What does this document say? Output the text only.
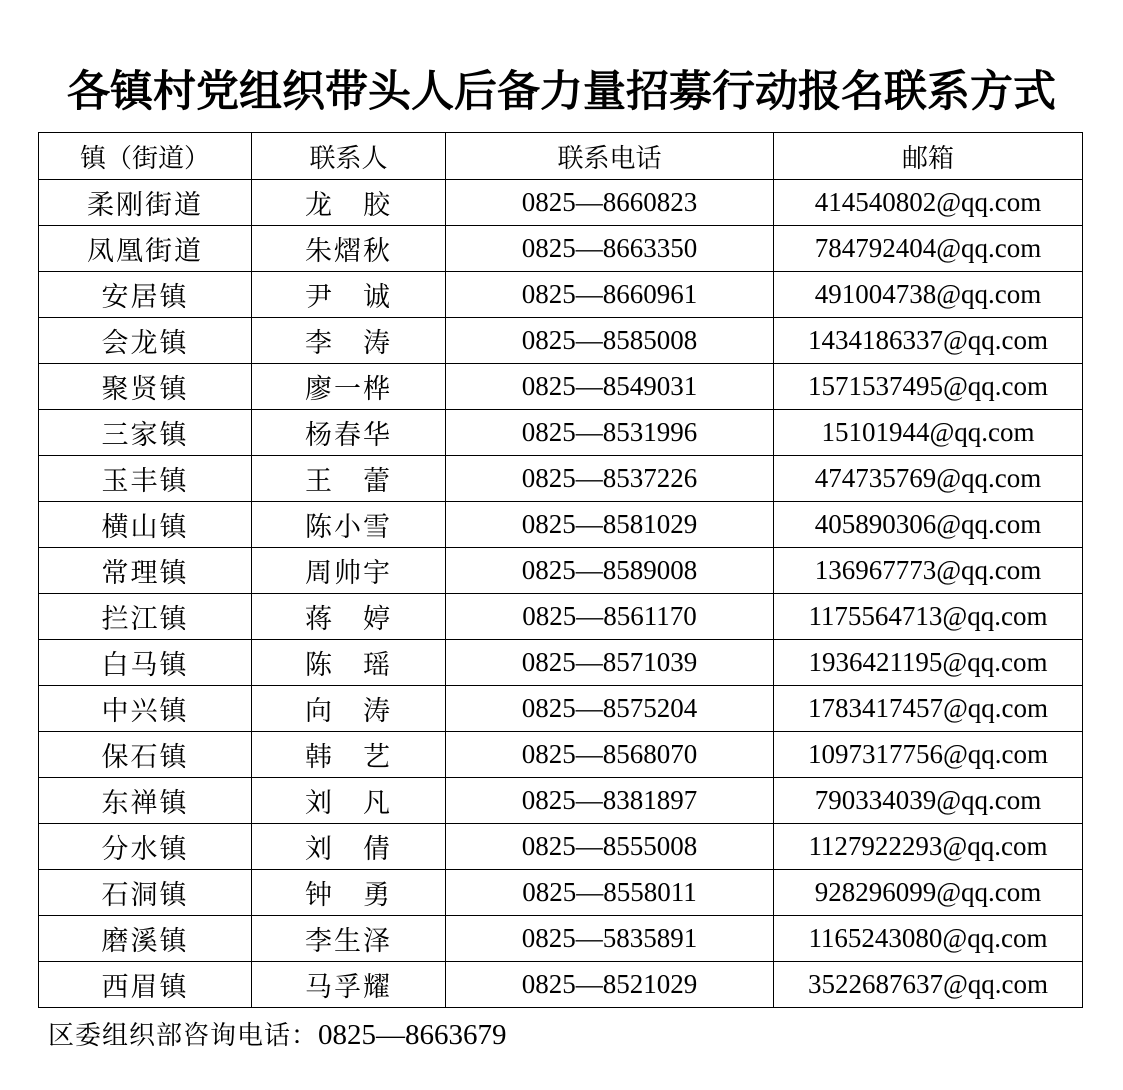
各镇村党组织带头人后备力量招募行动报名联系方式
镇（街道）	联系人	联系电话	邮箱
柔刚街道	龙　胶	0825—8660823	414540802@qq.com
凤凰街道	朱熠秋	0825—8663350	784792404@qq.com
安居镇	尹　诚	0825—8660961	491004738@qq.com
会龙镇	李　涛	0825—8585008	1434186337@qq.com
聚贤镇	廖一桦	0825—8549031	1571537495@qq.com
三家镇	杨春华	0825—8531996	15101944@qq.com
玉丰镇	王　蕾	0825—8537226	474735769@qq.com
横山镇	陈小雪	0825—8581029	405890306@qq.com
常理镇	周帅宇	0825—8589008	136967773@qq.com
拦江镇	蒋　婷	0825—8561170	1175564713@qq.com
白马镇	陈　瑶	0825—8571039	1936421195@qq.com
中兴镇	向　涛	0825—8575204	1783417457@qq.com
保石镇	韩　艺	0825—8568070	1097317756@qq.com
东禅镇	刘　凡	0825—8381897	790334039@qq.com
分水镇	刘　倩	0825—8555008	1127922293@qq.com
石洞镇	钟　勇	0825—8558011	928296099@qq.com
磨溪镇	李生泽	0825—5835891	1165243080@qq.com
西眉镇	马孚耀	0825—8521029	3522687637@qq.com
区委组织部咨询电话：0825—8663679
